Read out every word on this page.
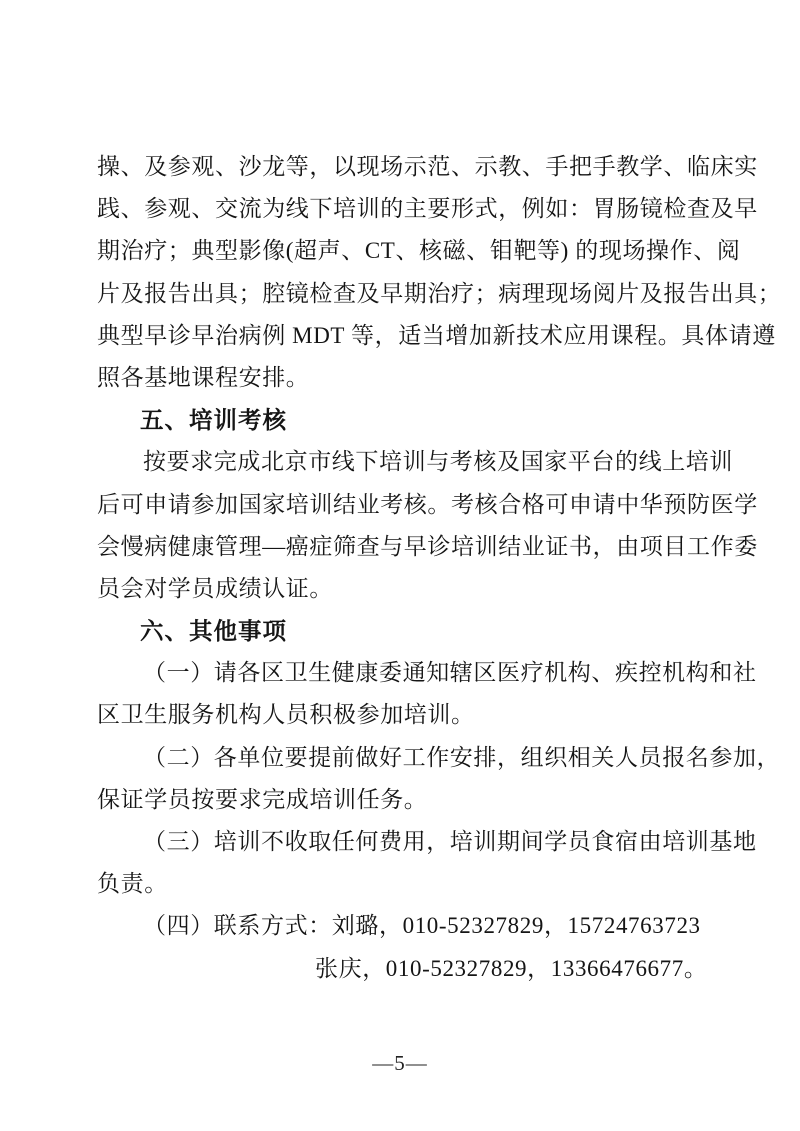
操、及参观、沙龙等，以现场示范、示教、手把手教学、临床实
践、参观、交流为线下培训的主要形式，例如：胃肠镜检查及早
期治疗；典型影像(超声、CT、核磁、钼靶等) 的现场操作、阅
片及报告出具；腔镜检查及早期治疗；病理现场阅片及报告出具；
典型早诊早治病例 MDT 等，适当增加新技术应用课程。具体请遵
照各基地课程安排。
五、培训考核
按要求完成北京市线下培训与考核及国家平台的线上培训
后可申请参加国家培训结业考核。考核合格可申请中华预防医学
会慢病健康管理—癌症筛查与早诊培训结业证书，由项目工作委
员会对学员成绩认证。
六、其他事项
（一）请各区卫生健康委通知辖区医疗机构、疾控机构和社
区卫生服务机构人员积极参加培训。
（二）各单位要提前做好工作安排，组织相关人员报名参加，
保证学员按要求完成培训任务。
（三）培训不收取任何费用，培训期间学员食宿由培训基地
负责。
（四）联系方式：刘璐，010-52327829，15724763723
张庆，010-52327829，13366476677。
—5—
